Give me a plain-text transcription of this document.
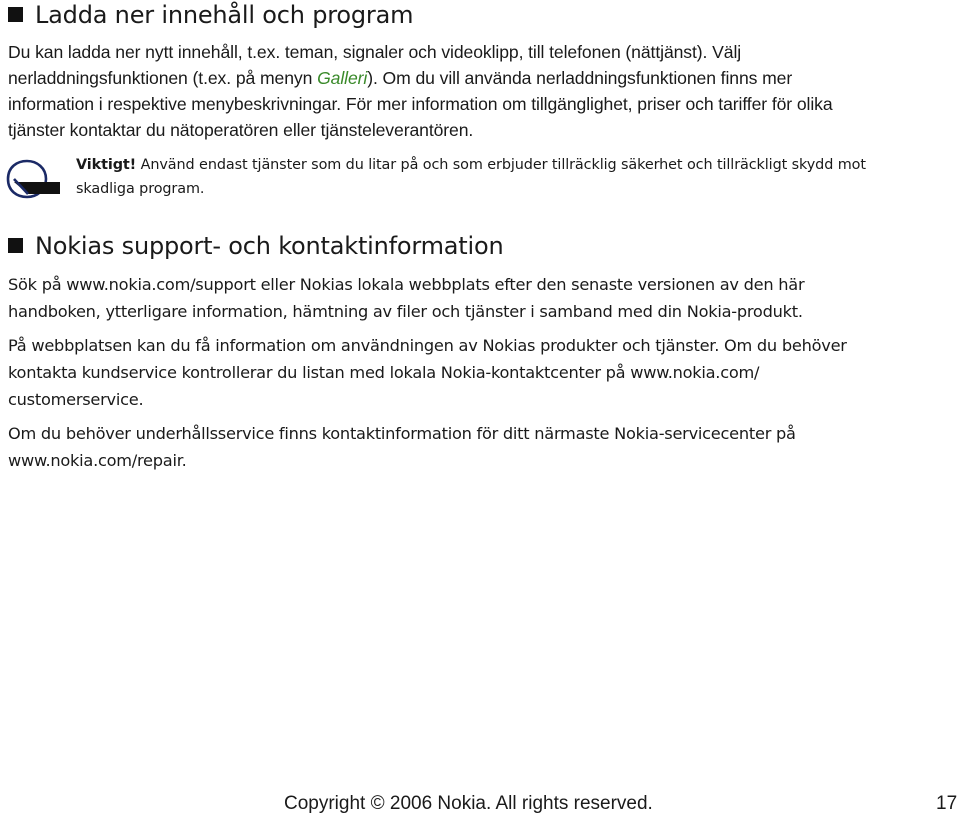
Ladda ner innehåll och program

Du kan ladda ner nytt innehåll, t.ex. teman, signaler och videoklipp, till telefonen (nättjänst). Välj
nerladdningsfunktionen (t.ex. på menyn Galleri). Om du vill använda nerladdningsfunktionen finns mer
information i respektive menybeskrivningar. För mer information om tillgänglighet, priser och tariffer för olika
tjänster kontaktar du nätoperatören eller tjänsteleverantören.

Viktigt! Använd endast tjänster som du litar på och som erbjuder tillräcklig säkerhet och tillräckligt skydd mot
skadliga program.

Nokias support- och kontaktinformation

Sök på www.nokia.com/support eller Nokias lokala webbplats efter den senaste versionen av den här
handboken, ytterligare information, hämtning av filer och tjänster i samband med din Nokia-produkt.

På webbplatsen kan du få information om användningen av Nokias produkter och tjänster. Om du behöver
kontakta kundservice kontrollerar du listan med lokala Nokia-kontaktcenter på www.nokia.com/
customerservice.

Om du behöver underhållsservice finns kontaktinformation för ditt närmaste Nokia-servicecenter på
www.nokia.com/repair.

Copyright © 2006 Nokia. All rights reserved.	17
